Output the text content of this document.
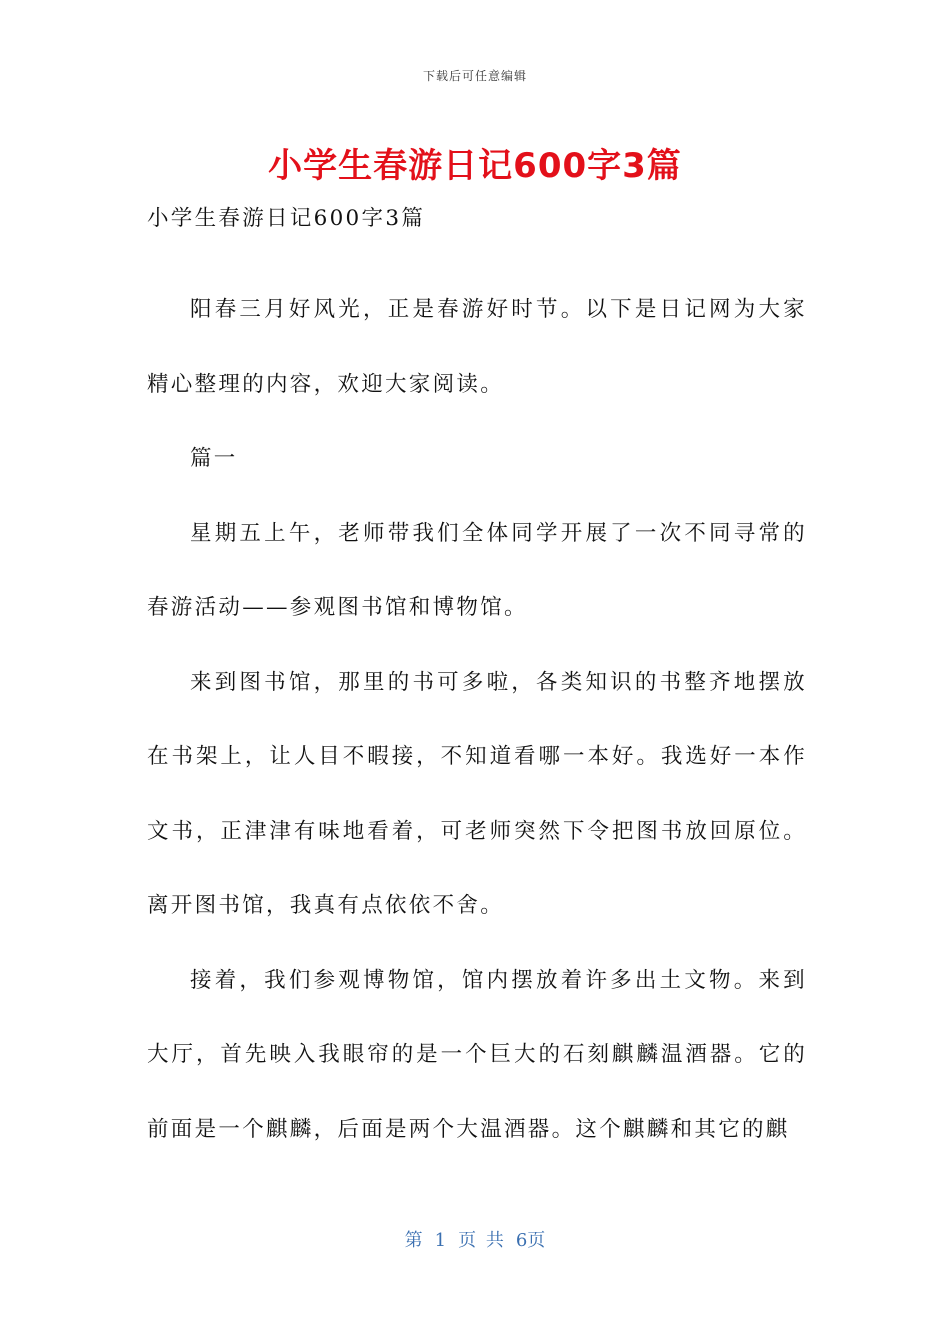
下载后可任意编辑
小学生春游日记600字3篇
小学生春游日记600字3篇

阳春三月好风光，正是春游好时节。以下是日记网为大家精心整理的内容，欢迎大家阅读。

篇一

星期五上午，老师带我们全体同学开展了一次不同寻常的春游活动——参观图书馆和博物馆。

来到图书馆，那里的书可多啦，各类知识的书整齐地摆放在书架上，让人目不暇接，不知道看哪一本好。我选好一本作文书，正津津有味地看着，可老师突然下令把图书放回原位。离开图书馆，我真有点依依不舍。

接着，我们参观博物馆，馆内摆放着许多出土文物。来到大厅，首先映入我眼帘的是一个巨大的石刻麒麟温酒器。它的前面是一个麒麟，后面是两个大温酒器。这个麒麟和其它的麒

第 1 页 共 6页
